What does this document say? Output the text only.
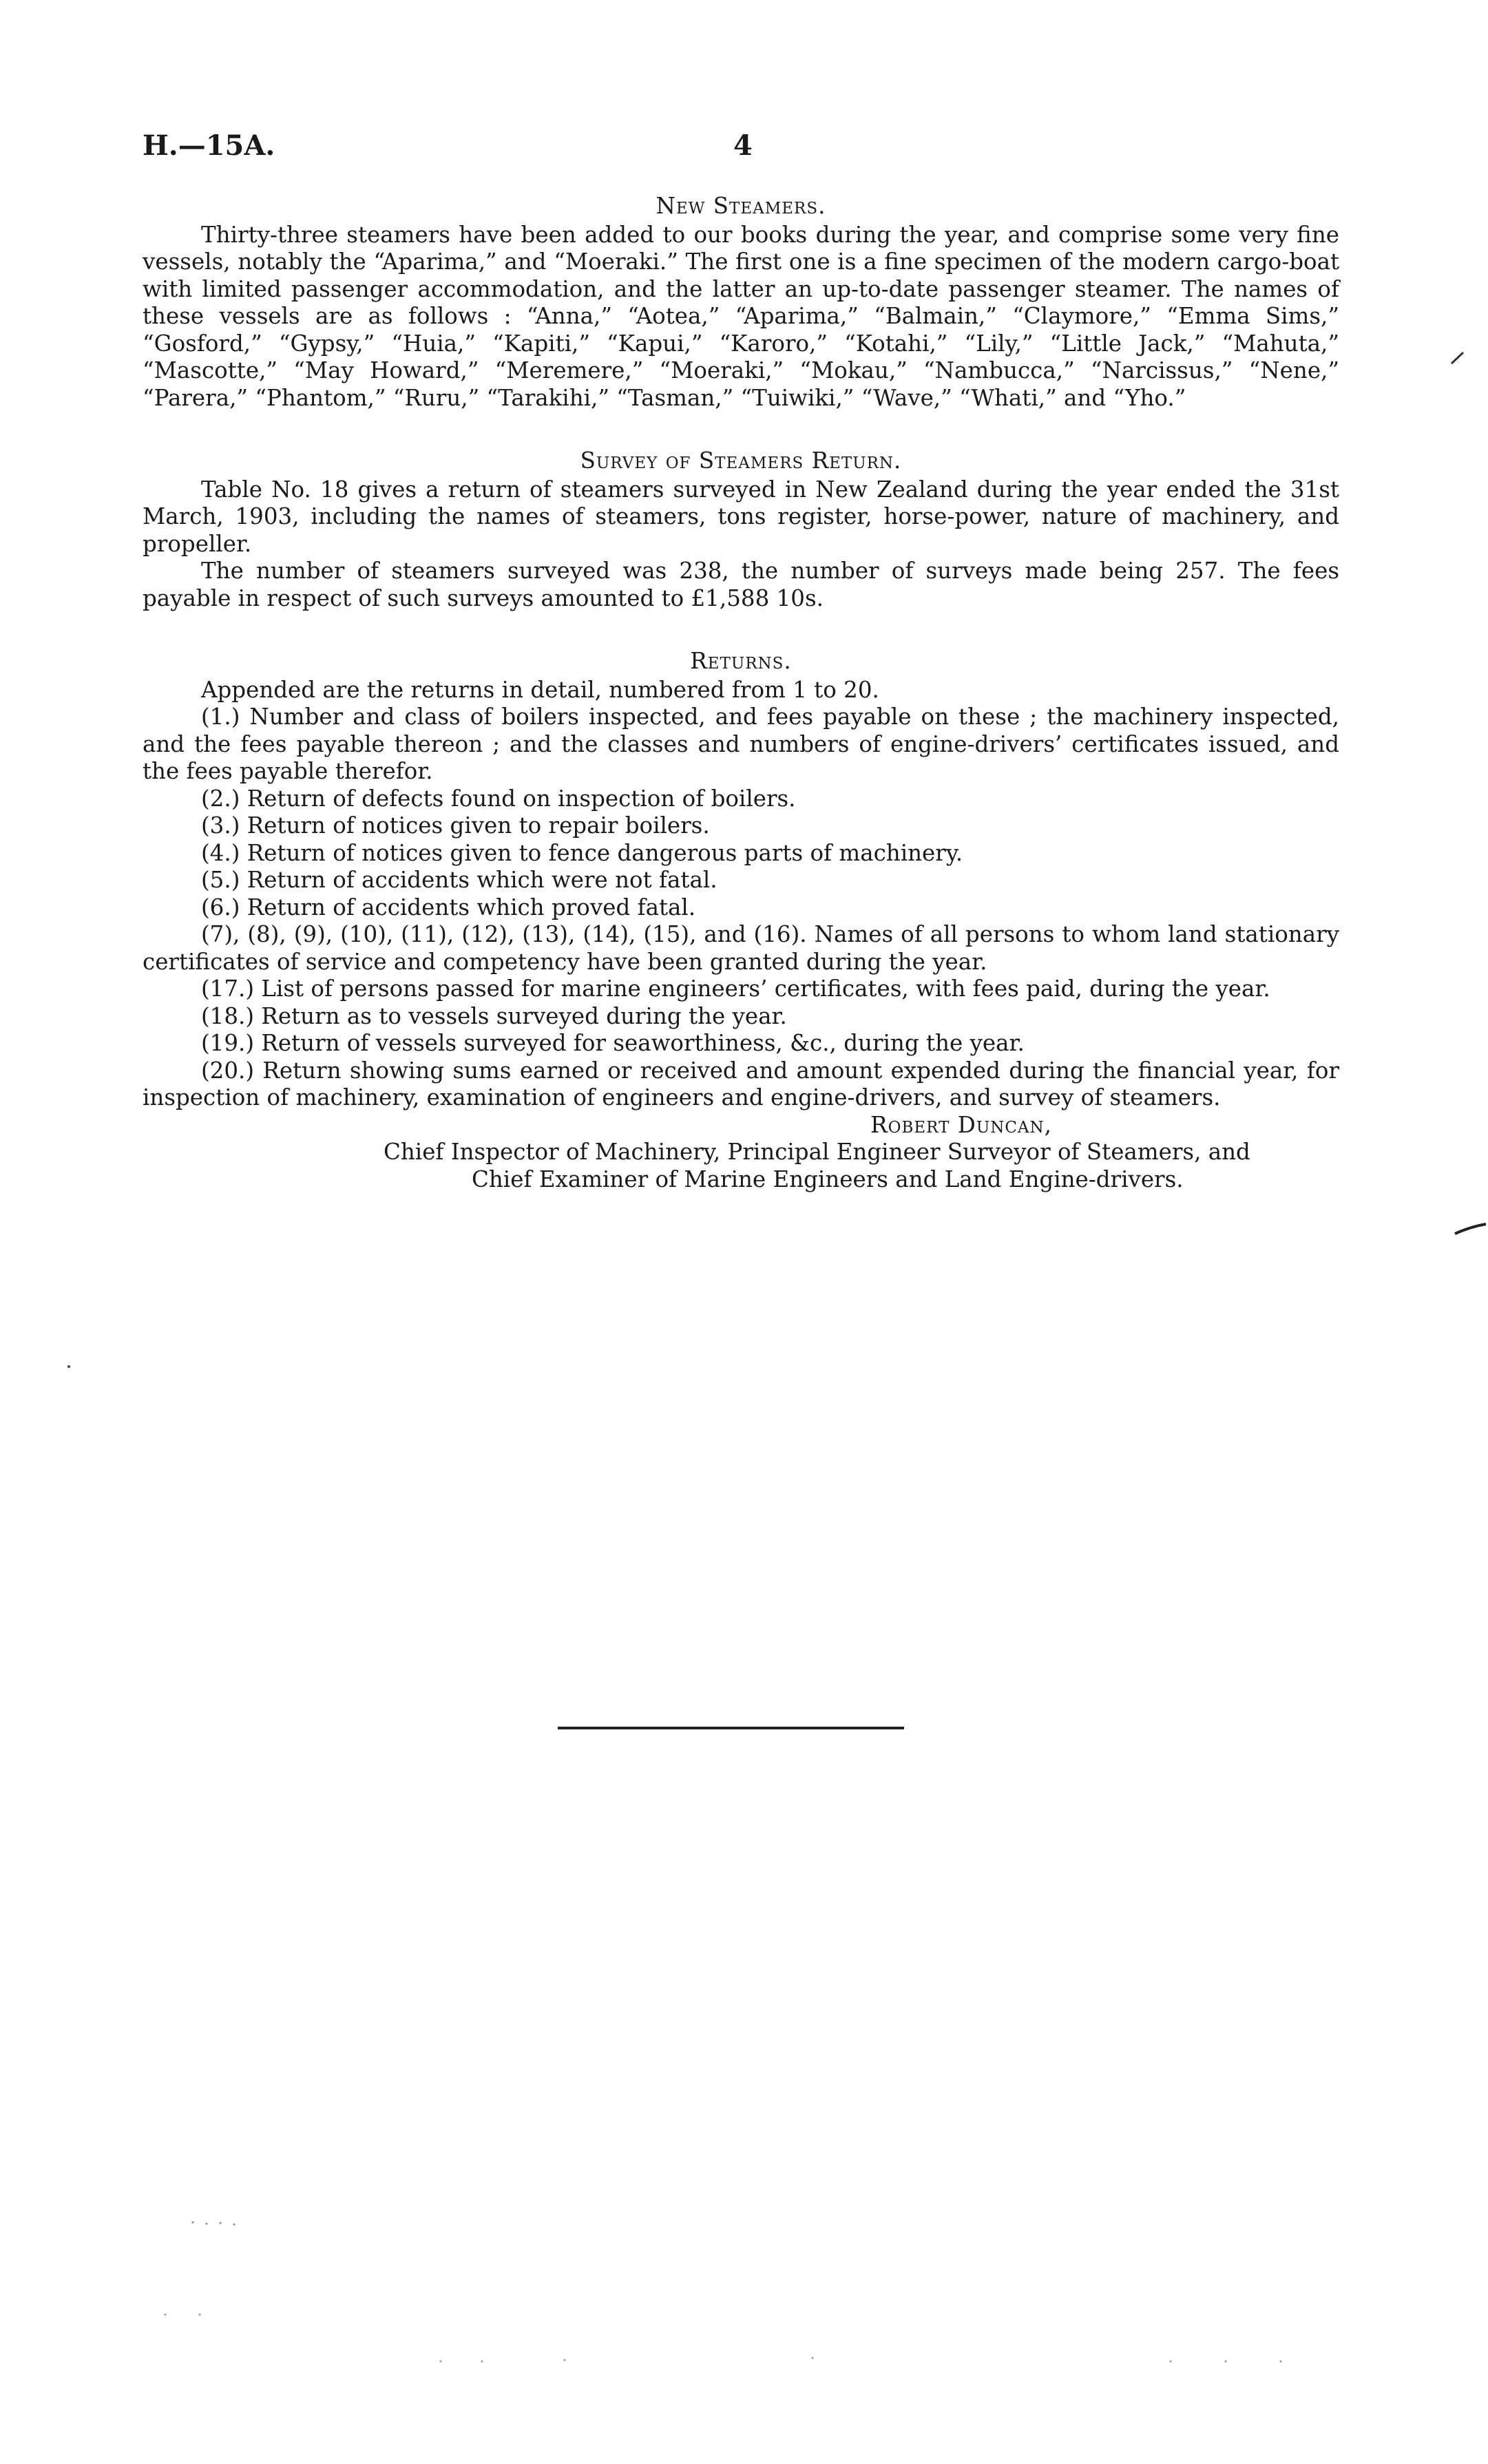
H.—15A.	4
New Steamers.

Thirty-three steamers have been added to our books during the year, and comprise some very fine vessels, notably the “Aparima,” and “Moeraki.” The first one is a fine specimen of the modern cargo-boat with limited passenger accommodation, and the latter an up-to-date passenger steamer. The names of these vessels are as follows : “Anna,” “Aotea,” “Aparima,” “Balmain,” “Claymore,” “Emma Sims,” “Gosford,” “Gypsy,” “Huia,” “Kapiti,” “Kapui,” “Karoro,” “Kotahi,” “Lily,” “Little Jack,” “Mahuta,” “Mascotte,” “May Howard,” “Meremere,” “Moeraki,” “Mokau,” “Nambucca,” “Narcissus,” “Nene,” “Parera,” “Phantom,” “Ruru,” “Tarakihi,” “Tasman,” “Tuiwiki,” “Wave,” “Whati,” and “Yho.”

Survey of Steamers Return.

Table No. 18 gives a return of steamers surveyed in New Zealand during the year ended the 31st March, 1903, including the names of steamers, tons register, horse-power, nature of machinery, and propeller.

The number of steamers surveyed was 238, the number of surveys made being 257. The fees payable in respect of such surveys amounted to £1,588 10s.

Returns.

Appended are the returns in detail, numbered from 1 to 20.

(1.) Number and class of boilers inspected, and fees payable on these ; the machinery inspected, and the fees payable thereon ; and the classes and numbers of engine-drivers’ certificates issued, and the fees payable therefor.

(2.) Return of defects found on inspection of boilers.

(3.) Return of notices given to repair boilers.

(4.) Return of notices given to fence dangerous parts of machinery.

(5.) Return of accidents which were not fatal.

(6.) Return of accidents which proved fatal.

(7), (8), (9), (10), (11), (12), (13), (14), (15), and (16). Names of all persons to whom land stationary certificates of service and competency have been granted during the year.

(17.) List of persons passed for marine engineers’ certificates, with fees paid, during the year.

(18.) Return as to vessels surveyed during the year.

(19.) Return of vessels surveyed for seaworthiness, &c., during the year.

(20.) Return showing sums earned or received and amount expended during the financial year, for inspection of machinery, examination of engineers and engine-drivers, and survey of steamers.

Robert Duncan,
Chief Inspector of Machinery, Principal Engineer Surveyor of Steamers, and
Chief Examiner of Marine Engineers and Land Engine-drivers.
